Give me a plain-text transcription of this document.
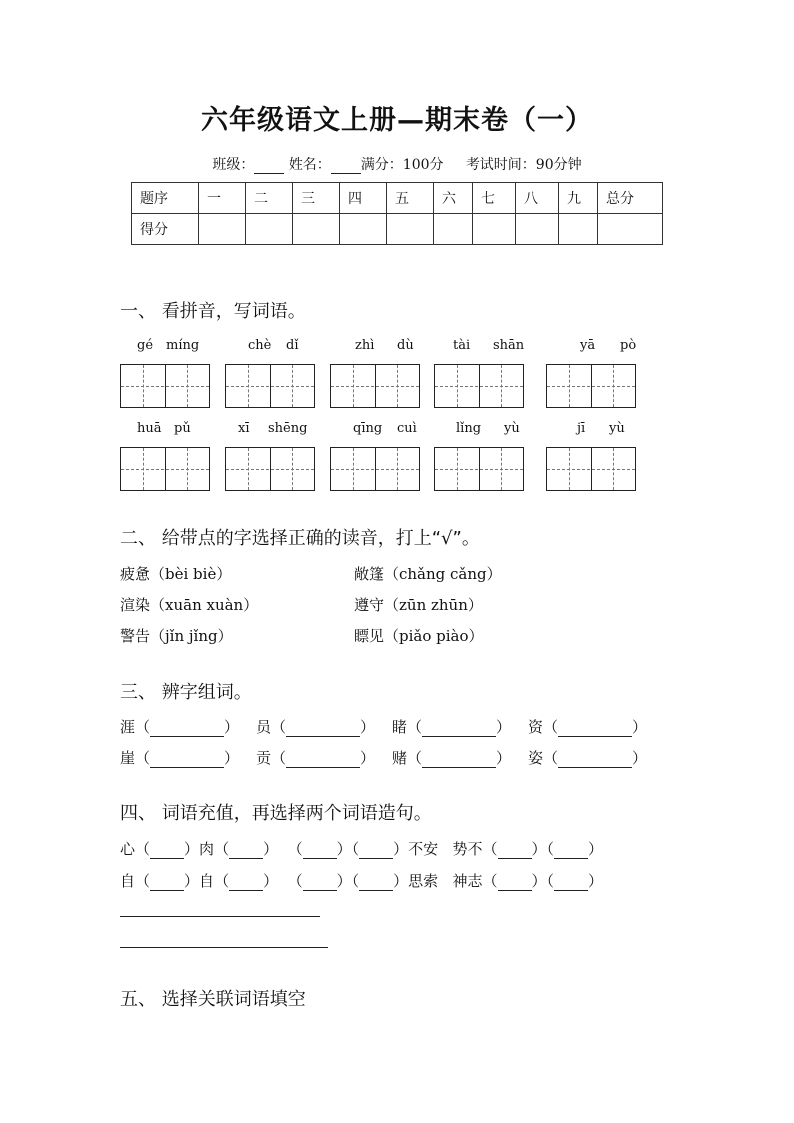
六年级语文上册—期末卷（一）
班级： 姓名： 满分：100分 考试时间：90分钟
题序	一	二	三	四	五	六	七	八	九	总分
得分										
一、 看拼音，写词语。
gé míng	chè dǐ	zhì dù	tài shān	yā pò
huā pǔ	xī shēng	qīng cuì	lǐng yù	jī yù
二、 给带点的字选择正确的读音，打上“√”。
疲惫（bèi biè）	敞篷（chǎng cǎng）
渲染（xuān xuàn）	遵守（zūn zhūn）
警告（jǐn jǐng）	瞟见（piǎo piào）
三、 辨字组词。
涯（	） 员（	） 睹（	） 资（	）
崖（	） 贡（	） 赌（	） 姿（	）
四、 词语充值，再选择两个词语造句。
心（ ）肉（ ）  （ ）（ ）不安 势不（ ）（ ）
自（ ）自（ ）  （ ）（ ）思索 神志（ ）（ ）
五、 选择关联词语填空
